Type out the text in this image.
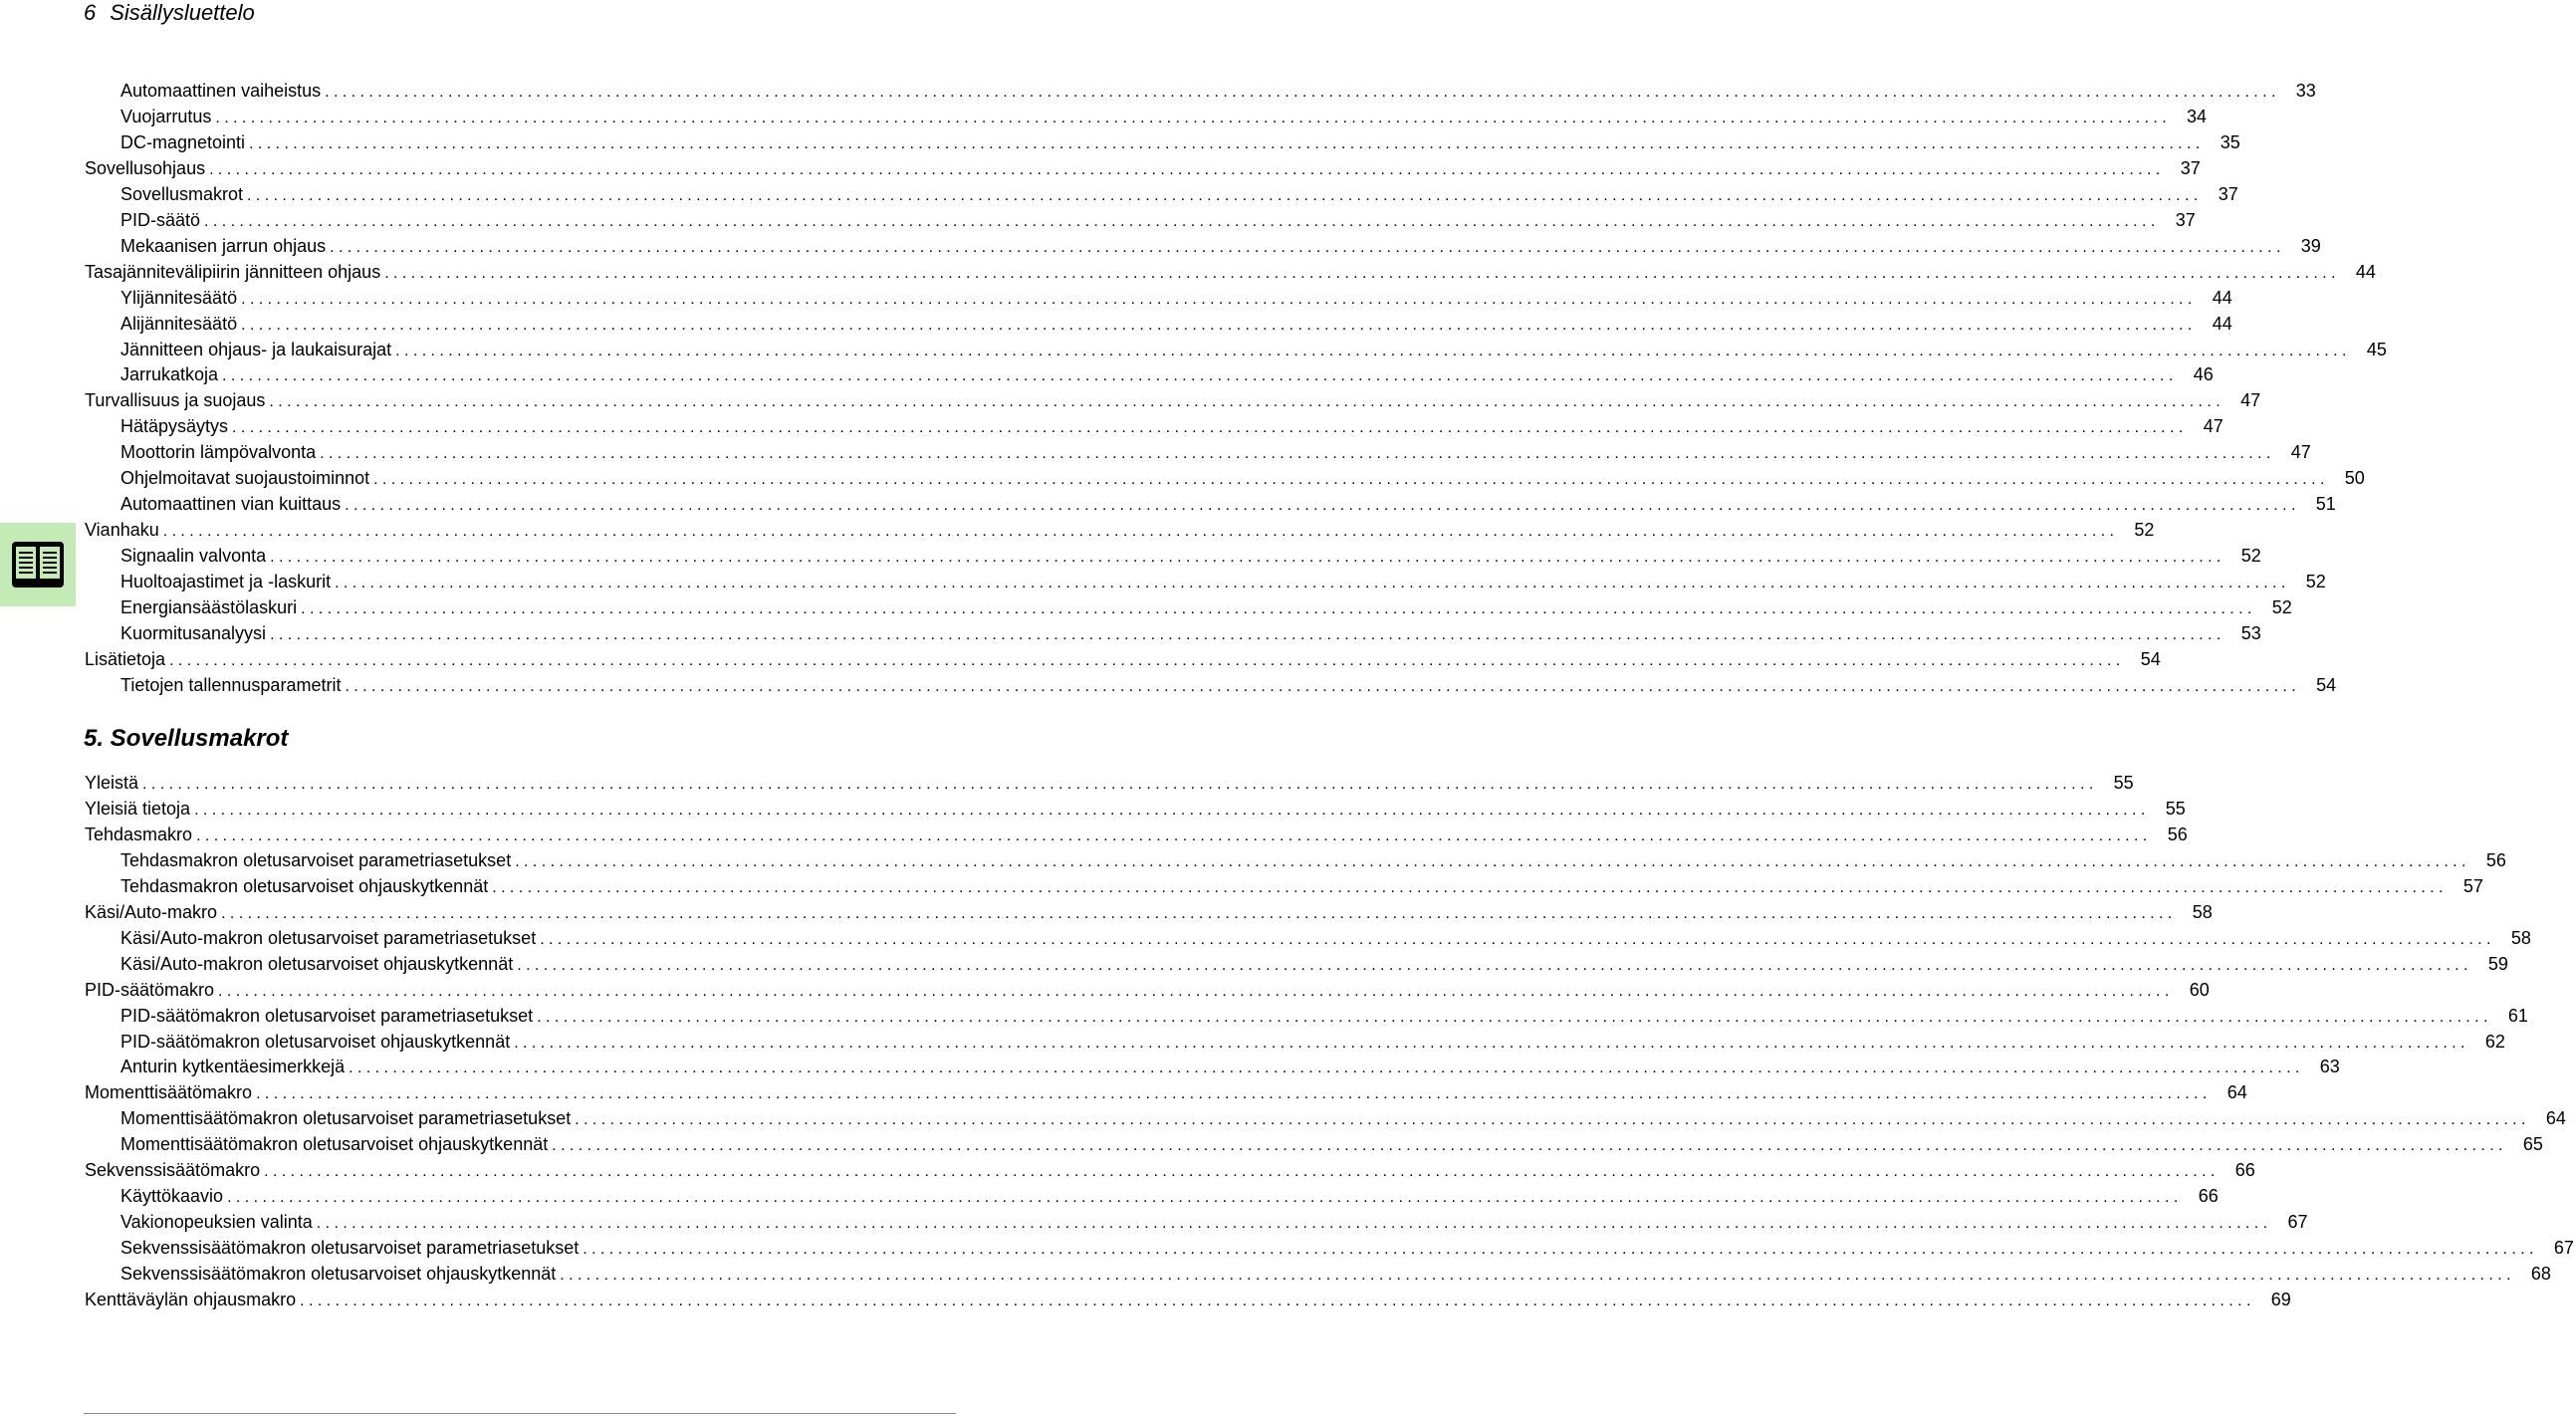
6 Sisällysluettelo
Automaattinen vaiheistus .............................................................................................................................................................................................................................. 33
Vuojarrutus .............................................................................................................................................................................................................................. 34
DC-magnetointi .............................................................................................................................................................................................................................. 35
Sovellusohjaus .............................................................................................................................................................................................................................. 37
Sovellusmakrot .............................................................................................................................................................................................................................. 37
PID-säätö .............................................................................................................................................................................................................................. 37
Mekaanisen jarrun ohjaus .............................................................................................................................................................................................................................. 39
Tasajännitevälipiirin jännitteen ohjaus .............................................................................................................................................................................................................................. 44
Ylijännitesäätö .............................................................................................................................................................................................................................. 44
Alijännitesäätö .............................................................................................................................................................................................................................. 44
Jännitteen ohjaus- ja laukaisurajat .............................................................................................................................................................................................................................. 45
Jarrukatkoja .............................................................................................................................................................................................................................. 46
Turvallisuus ja suojaus .............................................................................................................................................................................................................................. 47
Hätäpysäytys .............................................................................................................................................................................................................................. 47
Moottorin lämpövalvonta .............................................................................................................................................................................................................................. 47
Ohjelmoitavat suojaustoiminnot .............................................................................................................................................................................................................................. 50
Automaattinen vian kuittaus .............................................................................................................................................................................................................................. 51
Vianhaku .............................................................................................................................................................................................................................. 52
Signaalin valvonta .............................................................................................................................................................................................................................. 52
Huoltoajastimet ja -laskurit .............................................................................................................................................................................................................................. 52
Energiansäästölaskuri .............................................................................................................................................................................................................................. 52
Kuormitusanalyysi .............................................................................................................................................................................................................................. 53
Lisätietoja .............................................................................................................................................................................................................................. 54
Tietojen tallennusparametrit .............................................................................................................................................................................................................................. 54
5. Sovellusmakrot
Yleistä .............................................................................................................................................................................................................................. 55
Yleisiä tietoja .............................................................................................................................................................................................................................. 55
Tehdasmakro .............................................................................................................................................................................................................................. 56
Tehdasmakron oletusarvoiset parametriasetukset .............................................................................................................................................................................................................................. 56
Tehdasmakron oletusarvoiset ohjauskytkennät .............................................................................................................................................................................................................................. 57
Käsi/Auto-makro .............................................................................................................................................................................................................................. 58
Käsi/Auto-makron oletusarvoiset parametriasetukset .............................................................................................................................................................................................................................. 58
Käsi/Auto-makron oletusarvoiset ohjauskytkennät .............................................................................................................................................................................................................................. 59
PID-säätömakro .............................................................................................................................................................................................................................. 60
PID-säätömakron oletusarvoiset parametriasetukset .............................................................................................................................................................................................................................. 61
PID-säätömakron oletusarvoiset ohjauskytkennät .............................................................................................................................................................................................................................. 62
Anturin kytkentäesimerkkejä .............................................................................................................................................................................................................................. 63
Momenttisäätömakro .............................................................................................................................................................................................................................. 64
Momenttisäätömakron oletusarvoiset parametriasetukset .............................................................................................................................................................................................................................. 64
Momenttisäätömakron oletusarvoiset ohjauskytkennät .............................................................................................................................................................................................................................. 65
Sekvenssisäätömakro .............................................................................................................................................................................................................................. 66
Käyttökaavio .............................................................................................................................................................................................................................. 66
Vakionopeuksien valinta .............................................................................................................................................................................................................................. 67
Sekvenssisäätömakron oletusarvoiset parametriasetukset .............................................................................................................................................................................................................................. 67
Sekvenssisäätömakron oletusarvoiset ohjauskytkennät .............................................................................................................................................................................................................................. 68
Kenttäväylän ohjausmakro .............................................................................................................................................................................................................................. 69
